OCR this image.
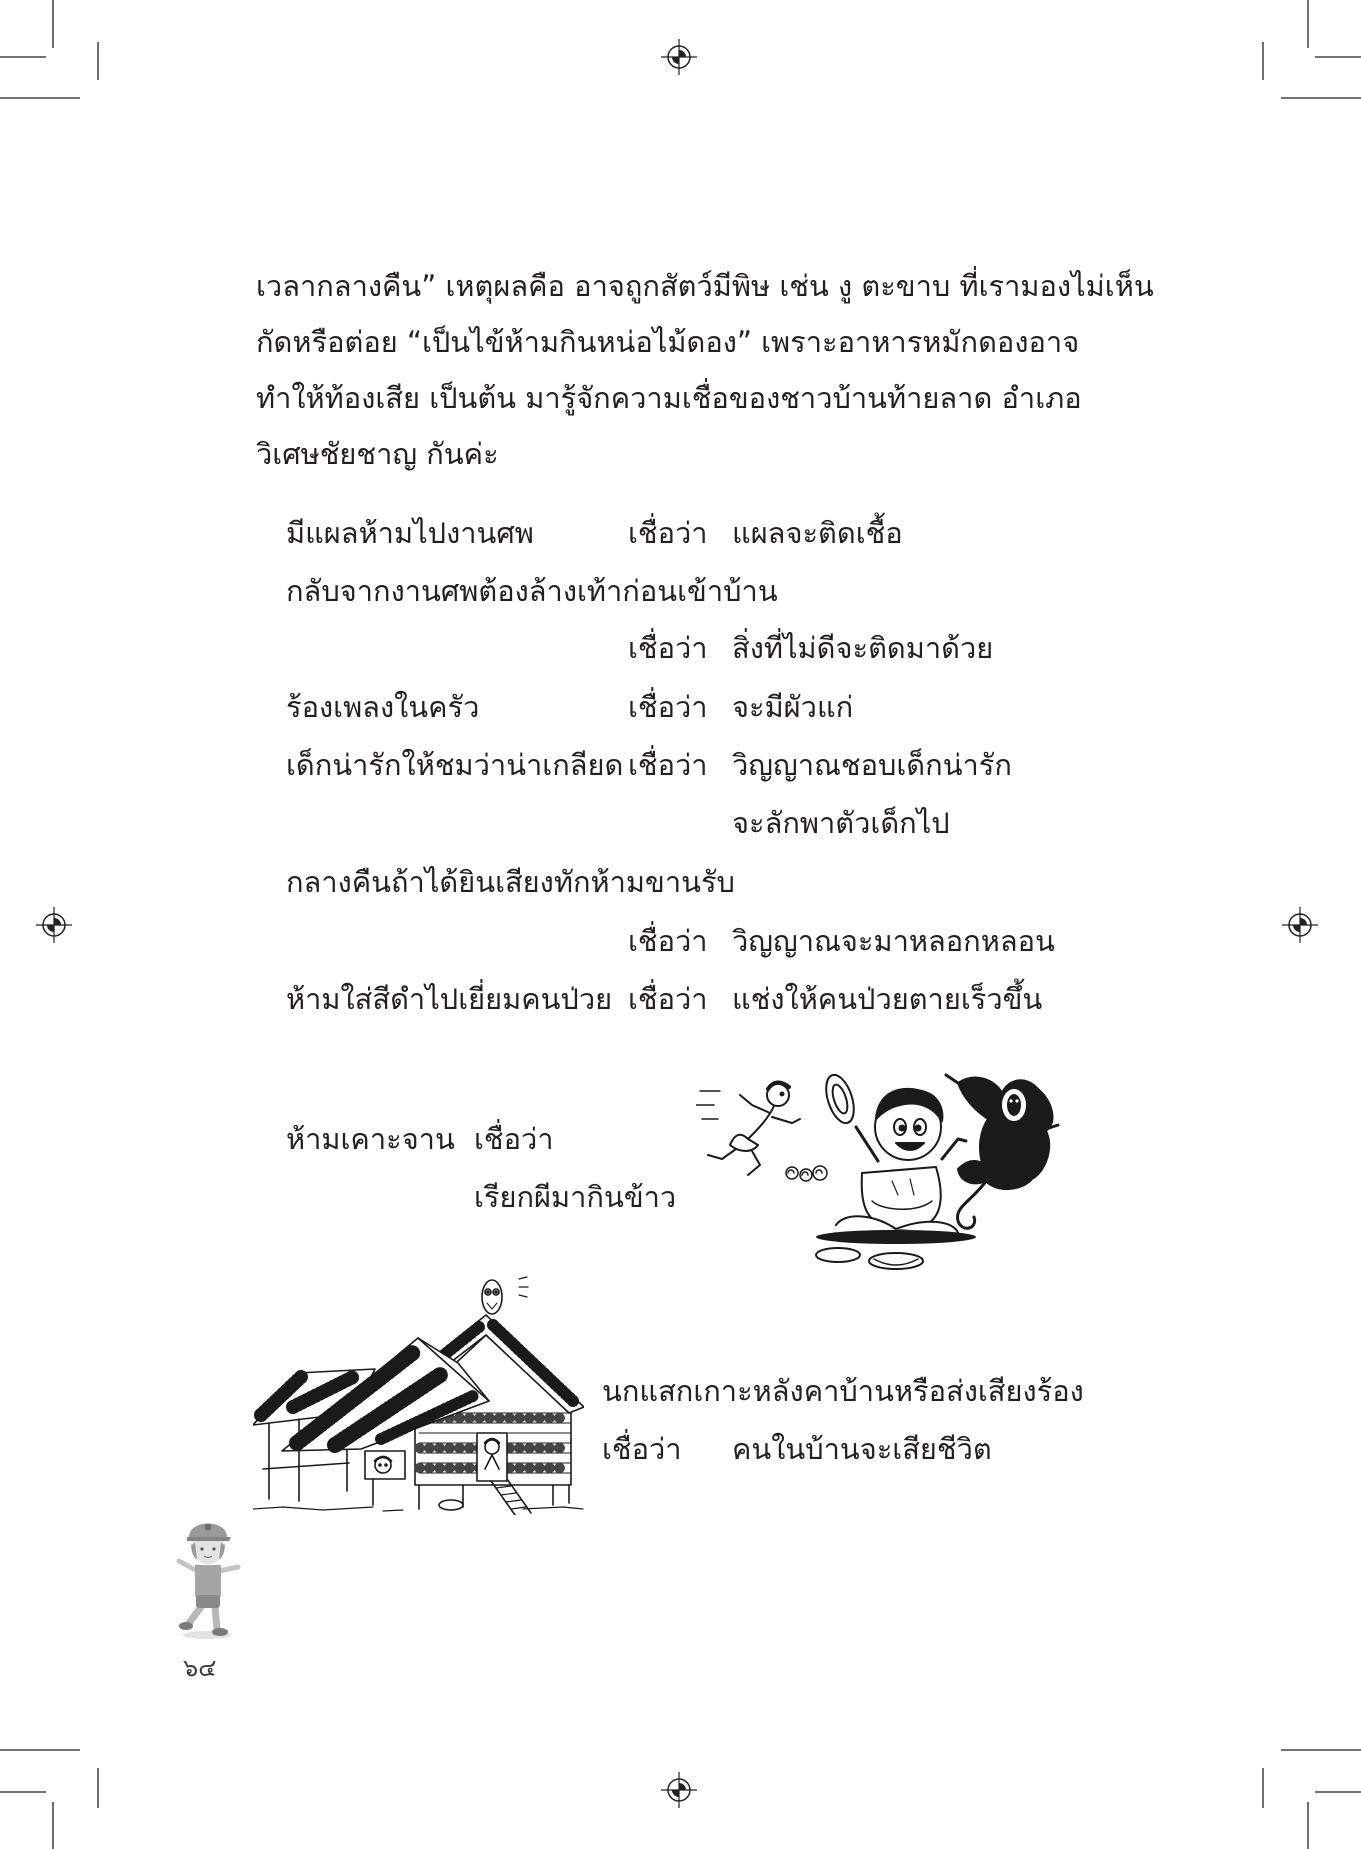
เวลากลางคืน” เหตุผลคือ อาจถูกสัตว์มีพิษ เช่น งู ตะขาบ ที่เรามองไม่เห็น
กัดหรือต่อย “เป็นไข้ห้ามกินหน่อไม้ดอง” เพราะอาหารหมักดองอาจ
ทำให้ท้องเสีย เป็นต้น มารู้จักความเชื่อของชาวบ้านท้ายลาด อำเภอ
วิเศษชัยชาญ กันค่ะ
มีแผลห้ามไปงานศพ	เชื่อว่า แผลจะติดเชื้อ
กลับจากงานศพต้องล้างเท้าก่อนเข้าบ้าน
เชื่อว่า สิ่งที่ไม่ดีจะติดมาด้วย
ร้องเพลงในครัว	เชื่อว่า จะมีผัวแก่
เด็กน่ารักให้ชมว่าน่าเกลียด เชื่อว่า วิญญาณชอบเด็กน่ารัก
จะลักพาตัวเด็กไป
กลางคืนถ้าได้ยินเสียงทักห้ามขานรับ
เชื่อว่า วิญญาณจะมาหลอกหลอน
ห้ามใส่สีดำไปเยี่ยมคนป่วย เชื่อว่า แช่งให้คนป่วยตายเร็วขึ้น
ห้ามเคาะจาน เชื่อว่า
เรียกผีมากินข้าว
นกแสกเกาะหลังคาบ้านหรือส่งเสียงร้อง
เชื่อว่า คนในบ้านจะเสียชีวิต
๖๔
